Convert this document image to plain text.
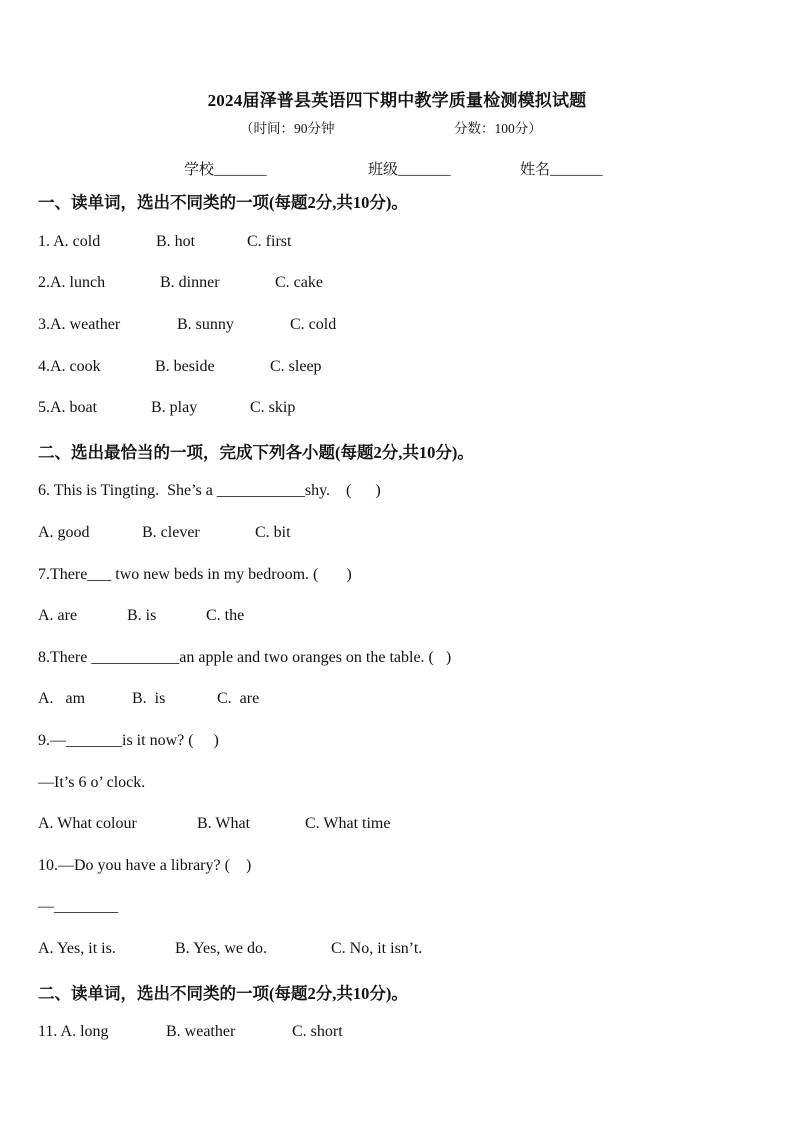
2024届泽普县英语四下期中教学质量检测模拟试题
（时间：90分钟	分数：100分）
学校_______	班级_______	姓名_______
一、读单词，选出不同类的一项(每题2分,共10分)。
1. A. cold	B. hot	C. first
2.A. lunch	B. dinner	C. cake
3.A. weather	B. sunny	C. cold
4.A. cook	B. beside	C. sleep
5.A. boat	B. play	C. skip
二、选出最恰当的一项，完成下列各小题(每题2分,共10分)。
6. This is Tingting.  She’s a ___________shy.    (      )
A. good	B. clever	C. bit
7.There___ two new beds in my bedroom. (       )
A. are	B. is	C. the
8.There ___________an apple and two oranges on the table. (   )
A.   am	B.  is	C.  are
9.—_______is it now? (     )
—It’s 6 o’ clock.
A. What colour	B. What	C. What time
10.—Do you have a library? (    )
—________
A. Yes, it is.	B. Yes, we do.	C. No, it isn’t.
二、读单词，选出不同类的一项(每题2分,共10分)。
11. A. long	B. weather	C. short
